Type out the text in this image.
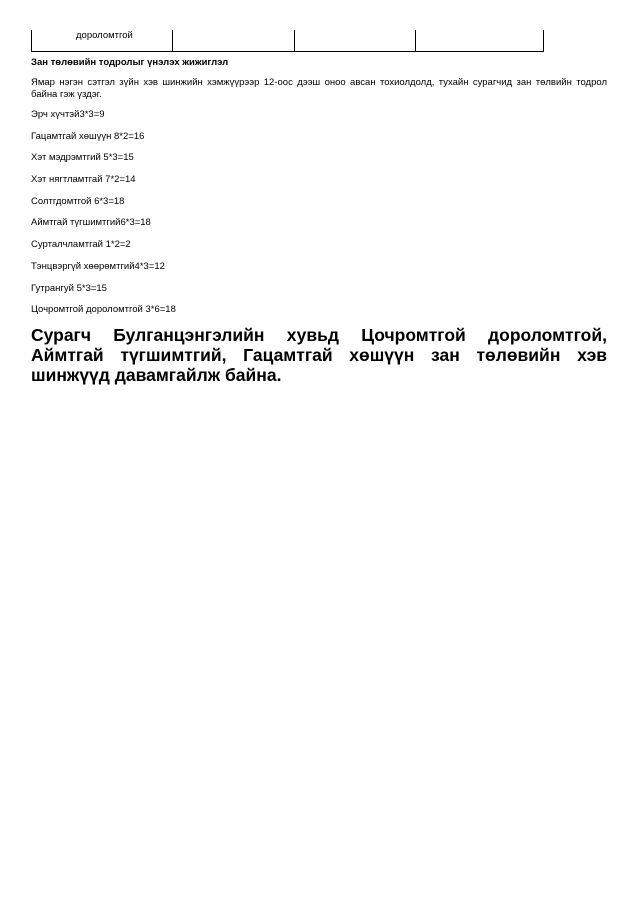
дороломтгой
Зан төлөвийн тодролыг үнэлэх жижиглэл
Ямар нэгэн сэтгэл зүйн хэв шинжийн хэмжүүрээр 12-оос дээш оноо авсан тохиолдолд, тухайн сурагчид зан төлвийн тодрол байна гэж үздэг.
Эрч хүчтэй3*3=9
Гацамтгай хөшүүн 8*2=16
Хэт мэдрэмтгий 5*3=15
Хэт нягтламтгай 7*2=14
Солтгдомтгой 6*3=18
Аймтгай түгшимтгий6*3=18
Сурталчламтгай 1*2=2
Тэнцвэргүй хөөрөмтгий4*3=12
Гутрангуй 5*3=15
Цочромтгой дороломтгой 3*6=18
Сурагч Булганцэнгэлийн хувьд Цочромтгой дороломтгой, Аймтгай түгшимтгий, Гацамтгай хөшүүн зан төлөвийн хэв шинжүүд давамгайлж байна.
